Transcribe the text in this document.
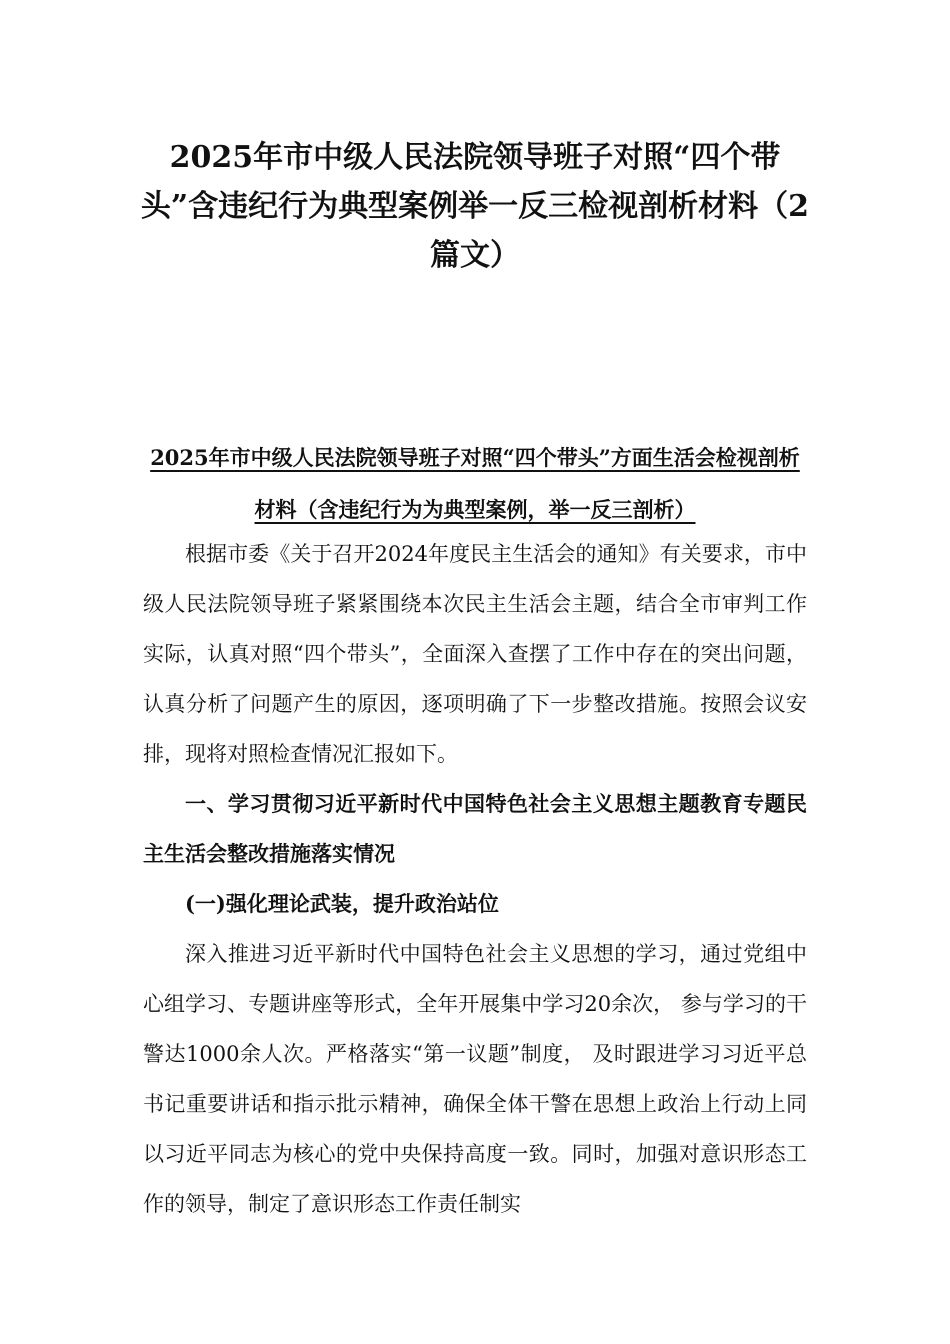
2025年市中级人民法院领导班子对照“四个带头”含违纪行为典型案例举一反三检视剖析材料（2篇文）
2025年市中级人民法院领导班子对照“四个带头”方面生活会检视剖析材料（含违纪行为为典型案例，举一反三剖析）

根据市委《关于召开2024年度民主生活会的通知》有关要求，市中级人民法院领导班子紧紧围绕本次民主生活会主题，结合全市审判工作实际，认真对照“四个带头”，全面深入查摆了工作中存在的突出问题，认真分析了问题产生的原因，逐项明确了下一步整改措施。按照会议安排，现将对照检查情况汇报如下。

一、学习贯彻习近平新时代中国特色社会主义思想主题教育专题民主生活会整改措施落实情况

(一)强化理论武装，提升政治站位

深入推进习近平新时代中国特色社会主义思想的学习，通过党组中心组学习、专题讲座等形式，全年开展集中学习20余次， 参与学习的干警达1000余人次。严格落实“第一议题”制度， 及时跟进学习习近平总书记重要讲话和指示批示精神，确保全体干警在思想上政治上行动上同以习近平同志为核心的党中央保持高度一致。同时，加强对意识形态工作的领导，制定了意识形态工作责任制实
